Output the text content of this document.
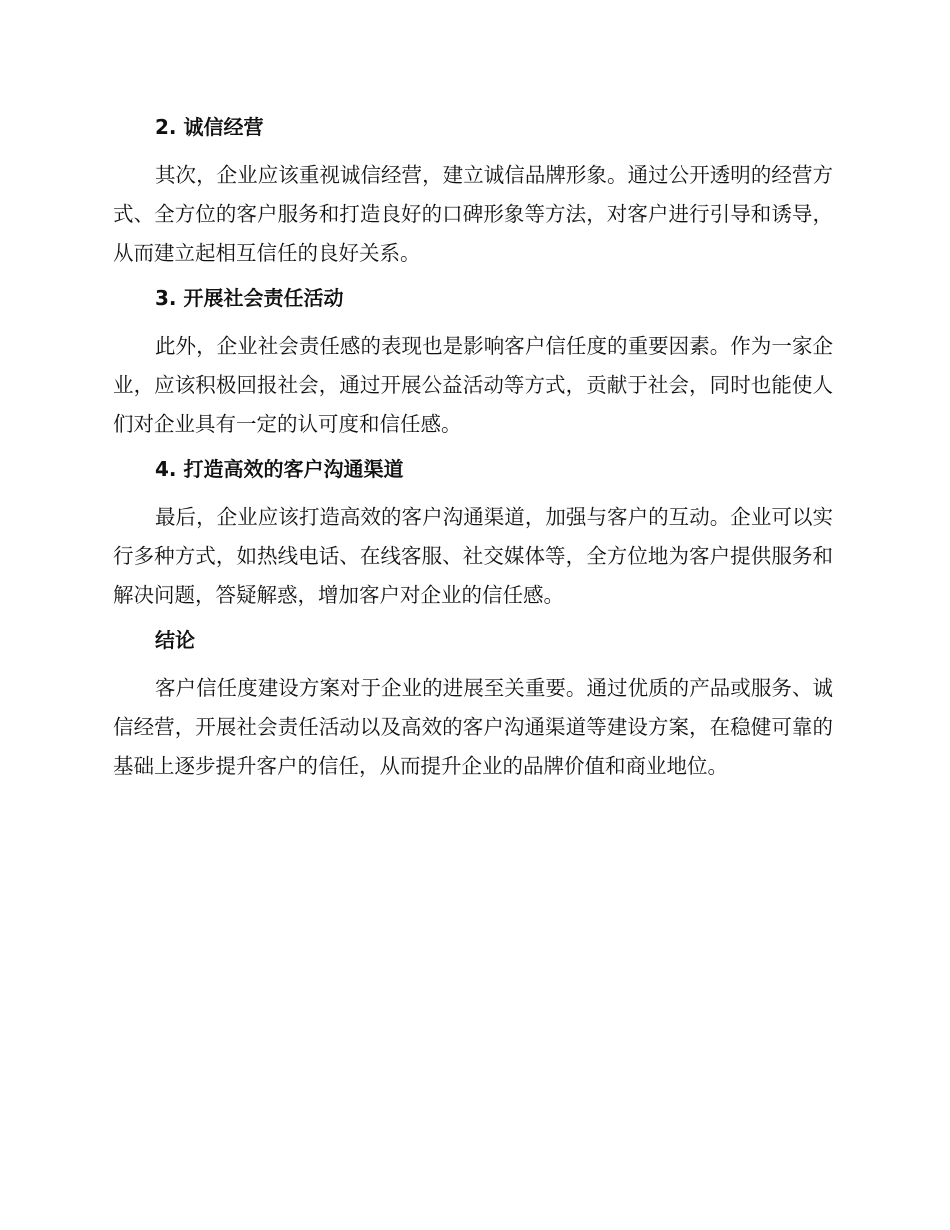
2. 诚信经营

其次，企业应该重视诚信经营，建立诚信品牌形象。通过公开透明的经营方式、全方位的客户服务和打造良好的口碑形象等方法，对客户进行引导和诱导，从而建立起相互信任的良好关系。

3. 开展社会责任活动

此外，企业社会责任感的表现也是影响客户信任度的重要因素。作为一家企业，应该积极回报社会，通过开展公益活动等方式，贡献于社会，同时也能使人们对企业具有一定的认可度和信任感。

4. 打造高效的客户沟通渠道

最后，企业应该打造高效的客户沟通渠道，加强与客户的互动。企业可以实行多种方式，如热线电话、在线客服、社交媒体等，全方位地为客户提供服务和解决问题，答疑解惑，增加客户对企业的信任感。

结论

客户信任度建设方案对于企业的进展至关重要。通过优质的产品或服务、诚信经营，开展社会责任活动以及高效的客户沟通渠道等建设方案，在稳健可靠的基础上逐步提升客户的信任，从而提升企业的品牌价值和商业地位。
